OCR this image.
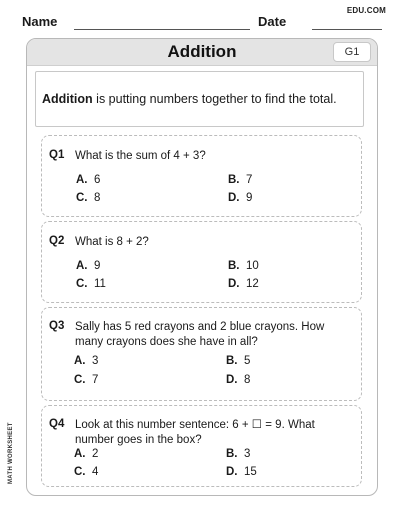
EDU.COM
Name	Date
Addition	G1
Addition is putting numbers together to find the total.
Q1 What is the sum of 4 + 3?
A. 6	B. 7
C. 8	D. 9
Q2 What is 8 + 2?
A. 9	B. 10
C. 11	D. 12
Q3 Sally has 5 red crayons and 2 blue crayons. How many crayons does she have in all?
A. 3	B. 5
C. 7	D. 8
Q4 Look at this number sentence: 6 + ☐ = 9. What number goes in the box?
A. 2	B. 3
C. 4	D. 15
MATH WORKSHEET
